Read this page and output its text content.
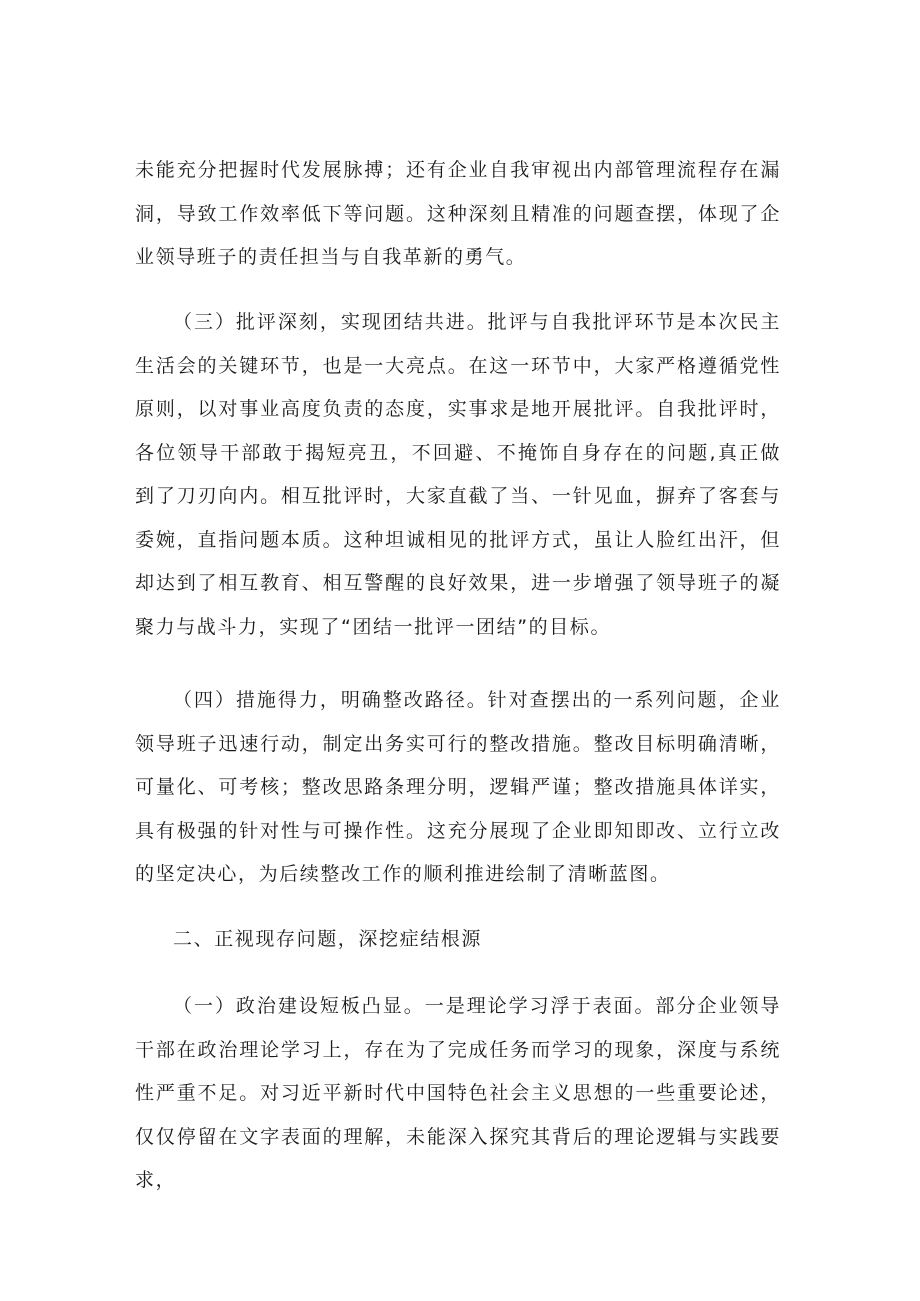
未能充分把握时代发展脉搏；还有企业自我审视出内部管理流程存在漏洞，导致工作效率低下等问题。这种深刻且精准的问题查摆，体现了企业领导班子的责任担当与自我革新的勇气。

（三）批评深刻，实现团结共进。批评与自我批评环节是本次民主生活会的关键环节，也是一大亮点。在这一环节中，大家严格遵循党性原则，以对事业高度负责的态度，实事求是地开展批评。自我批评时，各位领导干部敢于揭短亮丑，不回避、不掩饰自身存在的问题,真正做到了刀刃向内。相互批评时，大家直截了当、一针见血，摒弃了客套与委婉，直指问题本质。这种坦诚相见的批评方式，虽让人脸红出汗，但却达到了相互教育、相互警醒的良好效果，进一步增强了领导班子的凝聚力与战斗力，实现了“团结一批评一团结”的目标。

（四）措施得力，明确整改路径。针对查摆出的一系列问题，企业领导班子迅速行动，制定出务实可行的整改措施。整改目标明确清晰，可量化、可考核；整改思路条理分明，逻辑严谨；整改措施具体详实，具有极强的针对性与可操作性。这充分展现了企业即知即改、立行立改的坚定决心，为后续整改工作的顺利推进绘制了清晰蓝图。

二、正视现存问题，深挖症结根源

（一）政治建设短板凸显。一是理论学习浮于表面。部分企业领导干部在政治理论学习上，存在为了完成任务而学习的现象，深度与系统性严重不足。对习近平新时代中国特色社会主义思想的一些重要论述，仅仅停留在文字表面的理解，未能深入探究其背后的理论逻辑与实践要求，
